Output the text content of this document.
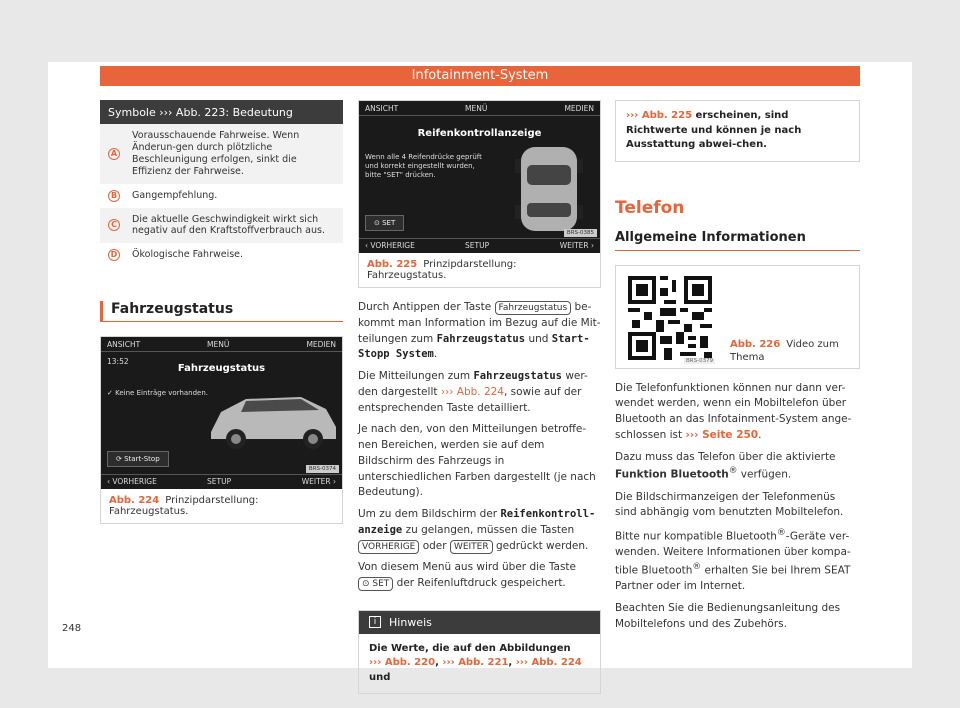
Infotainment-System
Symbole ››› Abb. 223: Bedeutung	
A	Vorausschauende Fahrweise. Wenn Änderun-gen durch plötzliche Beschleunigung erfolgen, sinkt die Effizienz der Fahrweise.
B	Gangempfehlung.
C	Die aktuelle Geschwindigkeit wirkt sich negativ auf den Kraftstoffverbrauch aus.
D	Ökologische Fahrweise.
Fahrzeugstatus
ANSICHT	MENÜ	MEDIEN
13:52
Fahrzeugstatus
✓ Keine Einträge vorhanden.
⟳ Start-Stop
‹ VORHERIGE	SETUP	WEITER ›
BRS-0374
Abb. 224 Prinzipdarstellung: Fahrzeugstatus.
ANSICHT	MENÜ	MEDIEN
Reifenkontrollanzeige
Wenn alle 4 Reifendrücke geprüft
und korrekt eingestellt wurden,
bitte "SET" drücken.
⊙ SET
‹ VORHERIGE	SETUP	WEITER ›
BRS-0385
Abb. 225 Prinzipdarstellung: Fahrzeugstatus.

Durch Antippen der Taste Fahrzeugstatus be-kommt man Information im Bezug auf die Mit-teilungen zum Fahrzeugstatus und Start-Stopp System.

Die Mitteilungen zum Fahrzeugstatus wer-den dargestellt ››› Abb. 224, sowie auf der entsprechenden Taste detailliert.

Je nach den, von den Mitteilungen betroffe-nen Bereichen, werden sie auf dem Bildschirm des Fahrzeugs in unterschiedlichen Farben dargestellt (je nach Bedeutung).

Um zu dem Bildschirm der Reifenkontroll-anzeige zu gelangen, müssen die Tasten VORHERIGE oder WEITER gedrückt werden.

Von diesem Menü aus wird über die Taste ⊙ SET der Reifenluftdruck gespeichert.

i	Hinweis
Die Werte, die auf den Abbildungen
››› Abb. 220, ››› Abb. 221, ››› Abb. 224 und
››› Abb. 225 erscheinen, sind Richtwerte und können je nach Ausstattung abwei-chen.
Telefon
Allgemeine Informationen
BRS-0379
Abb. 226 Video zum Thema

Die Telefonfunktionen können nur dann ver-wendet werden, wenn ein Mobiltelefon über Bluetooth an das Infotainment-System ange-schlossen ist ››› Seite 250.

Dazu muss das Telefon über die aktivierte Funktion Bluetooth® verfügen.

Die Bildschirmanzeigen der Telefonmenüs sind abhängig vom benutzten Mobiltelefon.

Bitte nur kompatible Bluetooth®-Geräte ver-wenden. Weitere Informationen über kompa-tible Bluetooth® erhalten Sie bei Ihrem SEAT Partner oder im Internet.

Beachten Sie die Bedienungsanleitung des Mobiltelefons und des Zubehörs.

248
